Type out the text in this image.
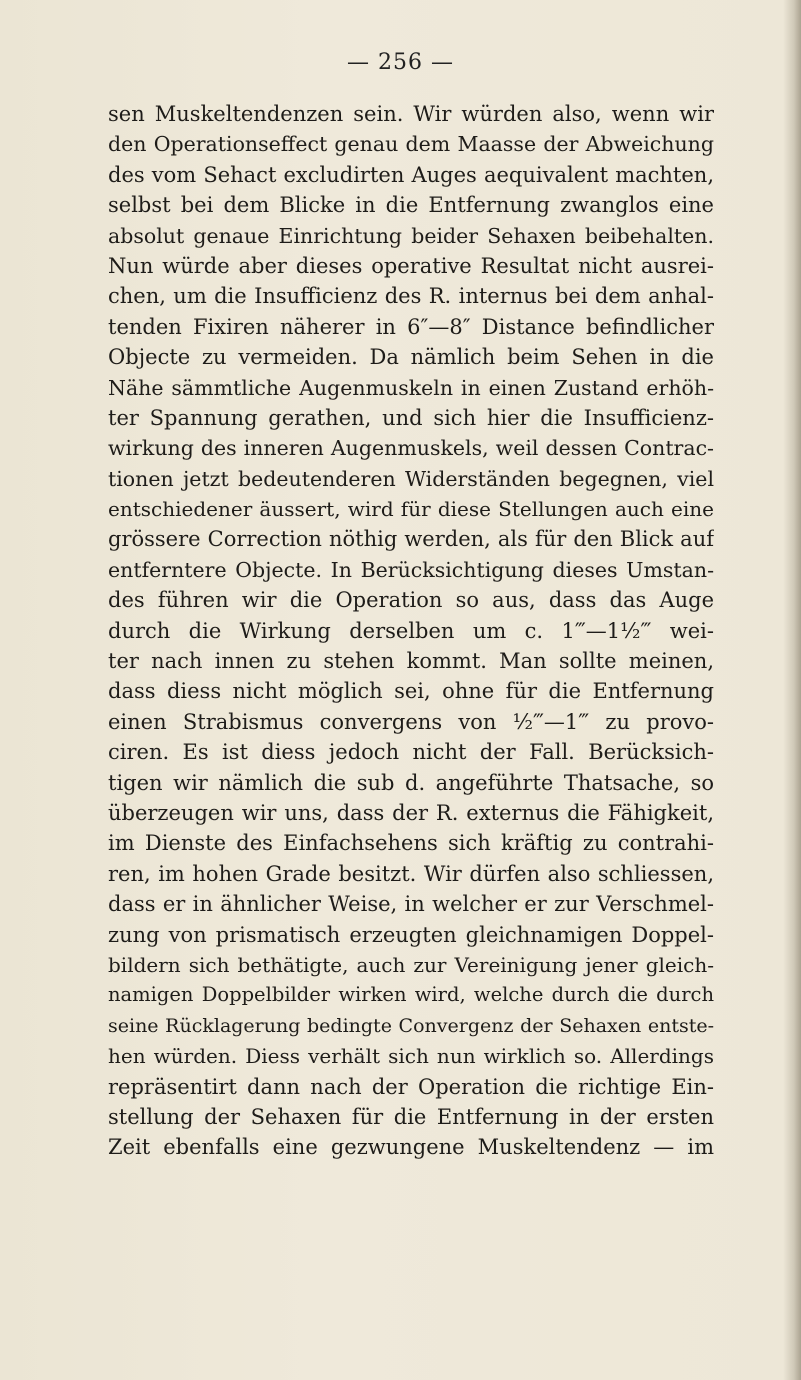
— 256 —
sen Muskeltendenzen sein. Wir würden also, wenn wir
den Operationseffect genau dem Maasse der Abweichung
des vom Sehact excludirten Auges aequivalent machten,
selbst bei dem Blicke in die Entfernung zwanglos eine
absolut genaue Einrichtung beider Sehaxen beibehalten.
Nun würde aber dieses operative Resultat nicht ausrei-
chen, um die Insufficienz des R. internus bei dem anhal-
tenden Fixiren näherer in 6″—8″ Distance befindlicher
Objecte zu vermeiden. Da nämlich beim Sehen in die
Nähe sämmtliche Augenmuskeln in einen Zustand erhöh-
ter Spannung gerathen, und sich hier die Insufficienz-
wirkung des inneren Augenmuskels, weil dessen Contrac-
tionen jetzt bedeutenderen Widerständen begegnen, viel
entschiedener äussert, wird für diese Stellungen auch eine
grössere Correction nöthig werden, als für den Blick auf
entferntere Objecte. In Berücksichtigung dieses Umstan-
des führen wir die Operation so aus, dass das Auge
durch die Wirkung derselben um c. 1‴—1½‴ wei-
ter nach innen zu stehen kommt. Man sollte meinen,
dass diess nicht möglich sei, ohne für die Entfernung
einen Strabismus convergens von ½‴—1‴ zu provo-
ciren. Es ist diess jedoch nicht der Fall. Berücksich-
tigen wir nämlich die sub d. angeführte Thatsache, so
überzeugen wir uns, dass der R. externus die Fähigkeit,
im Dienste des Einfachsehens sich kräftig zu contrahi-
ren, im hohen Grade besitzt. Wir dürfen also schliessen,
dass er in ähnlicher Weise, in welcher er zur Verschmel-
zung von prismatisch erzeugten gleichnamigen Doppel-
bildern sich bethätigte, auch zur Vereinigung jener gleich-
namigen Doppelbilder wirken wird, welche durch die durch
seine Rücklagerung bedingte Convergenz der Sehaxen entste-
hen würden. Diess verhält sich nun wirklich so. Allerdings
repräsentirt dann nach der Operation die richtige Ein-
stellung der Sehaxen für die Entfernung in der ersten
Zeit ebenfalls eine gezwungene Muskeltendenz — im
